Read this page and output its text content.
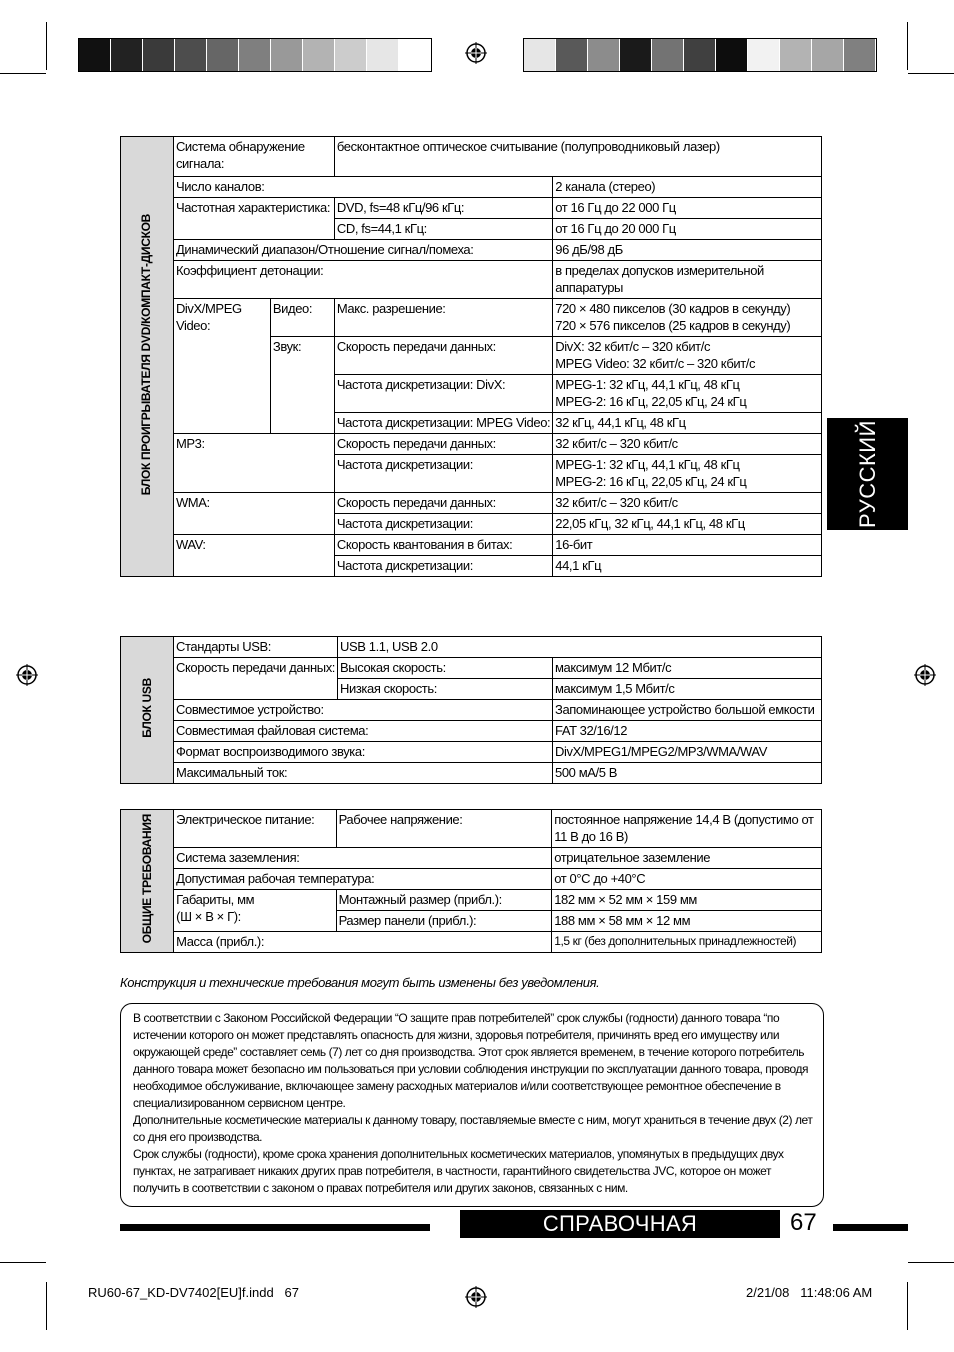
БЛОК ПРОИГРЫВАТЕЛЯ DVD/КОМПАКТ-ДИСКОВ	Система обнаружение сигнала:		бесконтактное оптическое считывание (полупроводниковый лазер)	
	Число каналов:			2 канала (стерео)
	Частотная характеристика:		DVD, fs=48 кГц/96 кГц:	от 16 Гц до 22 000 Гц
			CD, fs=44,1 кГц:	от 16 Гц до 20 000 Гц
	Динамический диапазон/Отношение сигнал/помеха:			96 дБ/98 дБ
	Коэффициент детонации:			в пределах допусков измерительной аппаратуры
	DivX/MPEG Video:	Видео:	Макс. разрешение:	720 × 480 пикселов (30 кадров в секунду)
720 × 576 пикселов (25 кадров в секунду)
		Звук:	Скорость передачи данных:	DivX: 32 кбит/с – 320 кбит/с
MPEG Video: 32 кбит/с – 320 кбит/с
			Частота дискретизации: DivX:	MPEG-1: 32 кГц, 44,1 кГц, 48 кГц
MPEG-2: 16 кГц, 22,05 кГц, 24 кГц
			Частота дискретизации: MPEG Video:	32 кГц, 44,1 кГц, 48 кГц
	MP3:		Скорость передачи данных:	32 кбит/с – 320 кбит/с
			Частота дискретизации:	MPEG-1: 32 кГц, 44,1 кГц, 48 кГц
MPEG-2: 16 кГц, 22,05 кГц, 24 кГц
	WMA:		Скорость передачи данных:	32 кбит/с – 320 кбит/с
			Частота дискретизации:	22,05 кГц, 32 кГц, 44,1 кГц, 48 кГц
	WAV:		Скорость квантования в битах:	16-бит
			Частота дискретизации:	44,1 кГц
БЛОК USB	Стандарты USB:	USB 1.1, USB 2.0	
	Скорость передачи данных:	Высокая скорость:	максимум 12 Мбит/с
		Низкая скорость:	максимум 1,5 Мбит/с
	Совместимое устройство:		Запоминающее устройство большой емкости
	Совместимая файловая система:		FAT 32/16/12
	Формат воспроизводимого звука:		DivX/MPEG1/MPEG2/MP3/WMA/WAV
	Максимальный ток:		500 мА/5 В
ОБЩИЕ ТРЕБОВАНИЯ	Электрическое питание:	Рабочее напряжение:	постоянное напряжение 14,4 В (допустимо от 11 В до 16 В)
	Система заземления:		отрицательное заземление
	Допустимая рабочая температура:		от 0°C до +40°C
	Габариты, мм
(Ш × В × Г):	Монтажный размер (прибл.):	182 мм × 52 мм × 159 мм
		Размер панели (прибл.):	188 мм × 58 мм × 12 мм
	Масса (прибл.):		1,5 кг (без дополнительных принадлежностей)
Конструкция и технические требования могут быть изменены без уведомления.

В соответствии с Законом Российской Федерации “О защите прав потребителей” срок службы (годности) данного товара “по истечении которого он может представлять опасность для жизни, здоровья потребителя, причинять вред его имуществу или окружающей среде” составляет семь (7) лет со дня производства. Этот срок является временем, в течение которого потребитель данного товара может безопасно им пользоваться при условии соблюдения инструкции по эксплуатации данного товара, проводя необходимое обслуживание, включающее замену расходных материалов и/или соответствующее ремонтное обеспечение в специализированном сервисном центре.

Дополнительные косметические материалы к данному товару, поставляемые вместе с ним, могут храниться в течение двух (2) лет со дня его производства.

Срок службы (годности), кроме срока хранения дополнительных косметических материалов, упомянутых в предыдущих двух пунктах, не затрагивает никаких других прав потребителя, в частности, гарантийного свидетельства JVC, которое он может получить в соответствии с законом о правах потребителя или других законов, связанных с ним.

РУССКИЙ
СПРАВОЧНАЯ ИНФОРМАЦИЯ
67
RU60-67_KD-DV7402[EU]f.indd   67	2/21/08   11:48:06 AM
